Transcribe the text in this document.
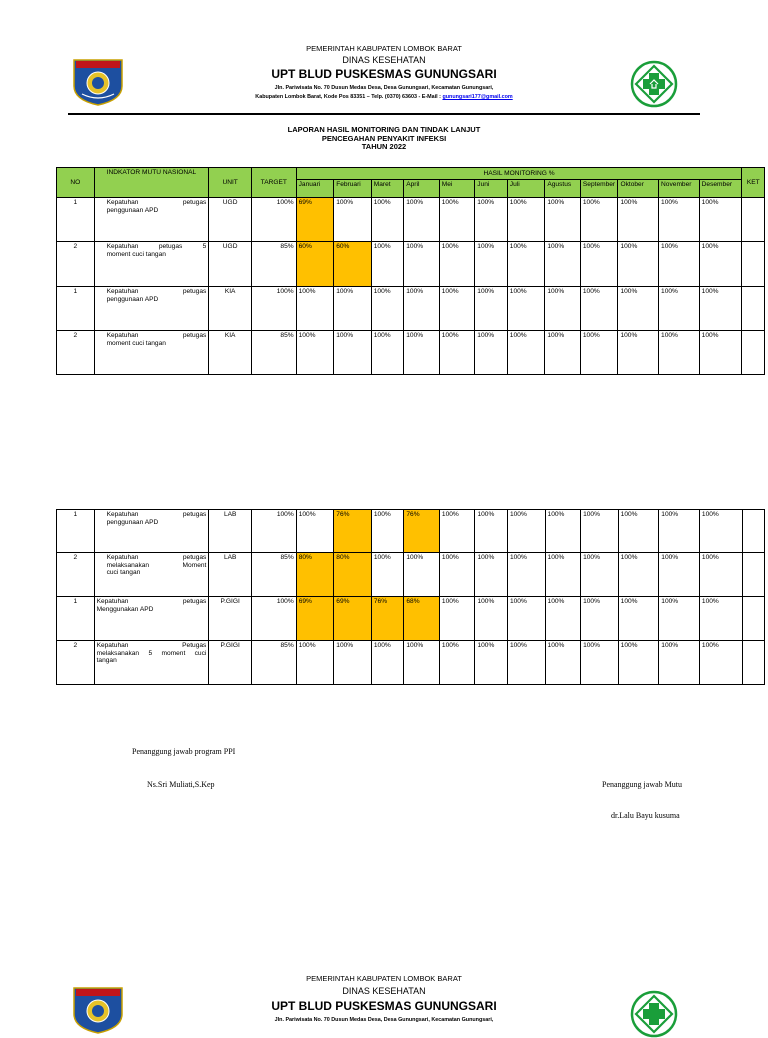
PEMERINTAH KABUPATEN LOMBOK BARAT
DINAS KESEHATAN
UPT BLUD PUSKESMAS GUNUNGSARI
Jln. Pariwisata No. 70 Dusun Medas Desa, Desa Gunungsari, Kecamatan Gunungsari,
Kabupaten Lombok Barat, Kode Pos 83351 – Telp. (0370) 63603 - E-Mail : gunungsari177@gmail.com
LAPORAN HASIL MONITORING DAN TINDAK LANJUT
PENCEGAHAN PENYAKIT INFEKSI
TAHUN 2022
NO	INDKATOR MUTU NASIONAL	UNIT	TARGET	HASIL MONITORING %												KET
				Januari	Februari	Maret	April	Mei	Juni	Juli	Agustus	September	Oktober	November	Desember	
1	Kepatuhan petugas
penggunaan APD	UGD	100%	69%	100%	100%	100%	100%	100%	100%	100%	100%	100%	100%	100%	
2	Kepatuhan petugas 5
moment cuci tangan	UGD	85%	60%	60%	100%	100%	100%	100%	100%	100%	100%	100%	100%	100%	
1	Kepatuhan petugas
penggunaan APD	KIA	100%	100%	100%	100%	100%	100%	100%	100%	100%	100%	100%	100%	100%	
2	Kepatuhan petugas
moment cuci tangan	KIA	85%	100%	100%	100%	100%	100%	100%	100%	100%	100%	100%	100%	100%	
1	Kepatuhan petugas
penggunaan APD	LAB	100%	100%	76%	100%	76%	100%	100%	100%	100%	100%	100%	100%	100%	
2	Kepatuhan petugas
melaksanakan Moment
cuci tangan	LAB	85%	80%	80%	100%	100%	100%	100%	100%	100%	100%	100%	100%	100%	
1	Kepatuhan petugas
Menggunakan APD	P.GIGI	100%	69%	69%	76%	68%	100%	100%	100%	100%	100%	100%	100%	100%	
2	Kepatuhan Petugas
melaksanakan 5 moment cuci
tangan	P.GIGI	85%	100%	100%	100%	100%	100%	100%	100%	100%	100%	100%	100%	100%	
Penanggung jawab program PPI
Ns.Sri Muliati,S.Kep	Penanggung jawab Mutu
dr.Lalu Bayu kusuma
PEMERINTAH KABUPATEN LOMBOK BARAT
DINAS KESEHATAN
UPT BLUD PUSKESMAS GUNUNGSARI
Jln. Pariwisata No. 70 Dusun Medas Desa, Desa Gunungsari, Kecamatan Gunungsari,
